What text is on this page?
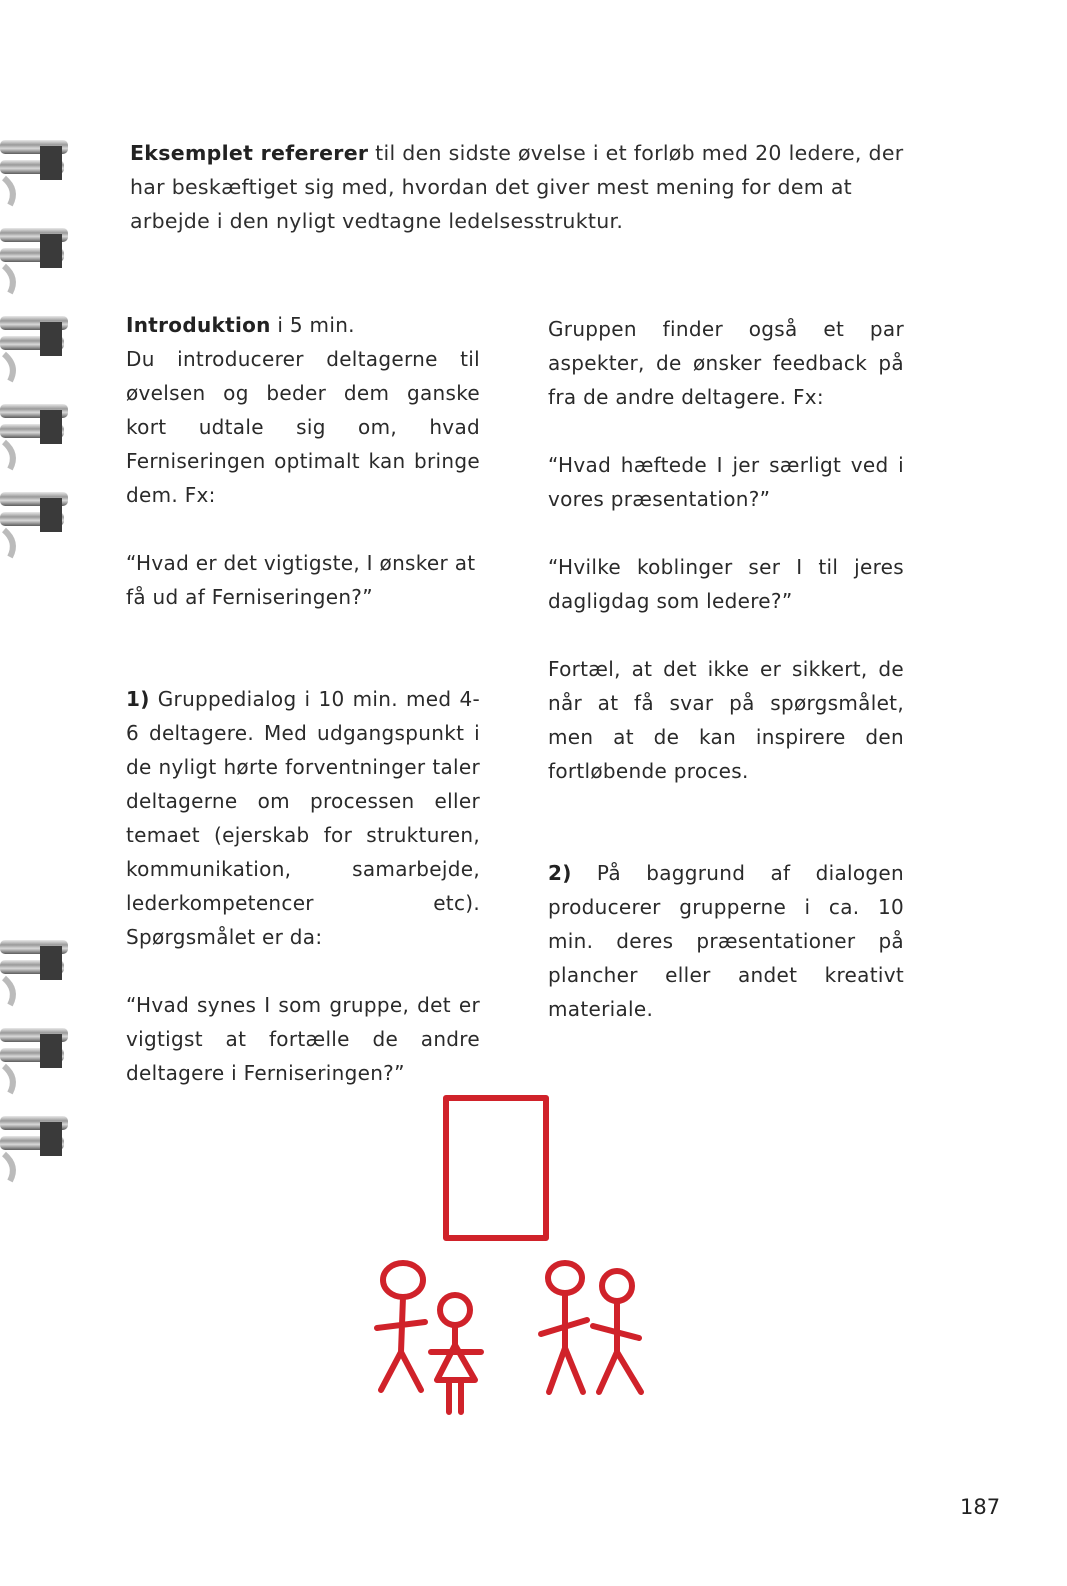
Eksemplet refererer til den sidste øvelse i et forløb med 20 ledere, der har beskæftiget sig med, hvordan det giver mest mening for dem at arbejde i den nyligt vedtagne ledelsesstruktur.

Introduktion i 5 min.

Du introducerer deltagerne til øvelsen og beder dem ganske kort udtale sig om, hvad Ferniseringen optimalt kan bringe dem. Fx:

“Hvad er det vigtigste, I ønsker at få ud af Ferniseringen?”

1) Gruppedialog i 10 min. med 4-6 deltagere. Med udgangspunkt i de nyligt hørte forventninger taler deltagerne om processen eller temaet (ejerskab for strukturen, kommunikation, samarbejde, lederkompetencer etc). Spørgsmålet er da:

“Hvad synes I som gruppe, det er vigtigst at fortælle de andre deltagere i Ferniseringen?”

Gruppen finder også et par aspekter, de ønsker feedback på fra de andre deltagere. Fx:

“Hvad hæftede I jer særligt ved i vores præsentation?”

“Hvilke koblinger ser I til jeres dagligdag som ledere?”

Fortæl, at det ikke er sikkert, de når at få svar på spørgsmålet, men at de kan inspirere den fortløbende proces.

2) På baggrund af dialogen producerer grupperne i ca. 10 min. deres præsentationer på plancher eller andet kreativt materiale.

187
